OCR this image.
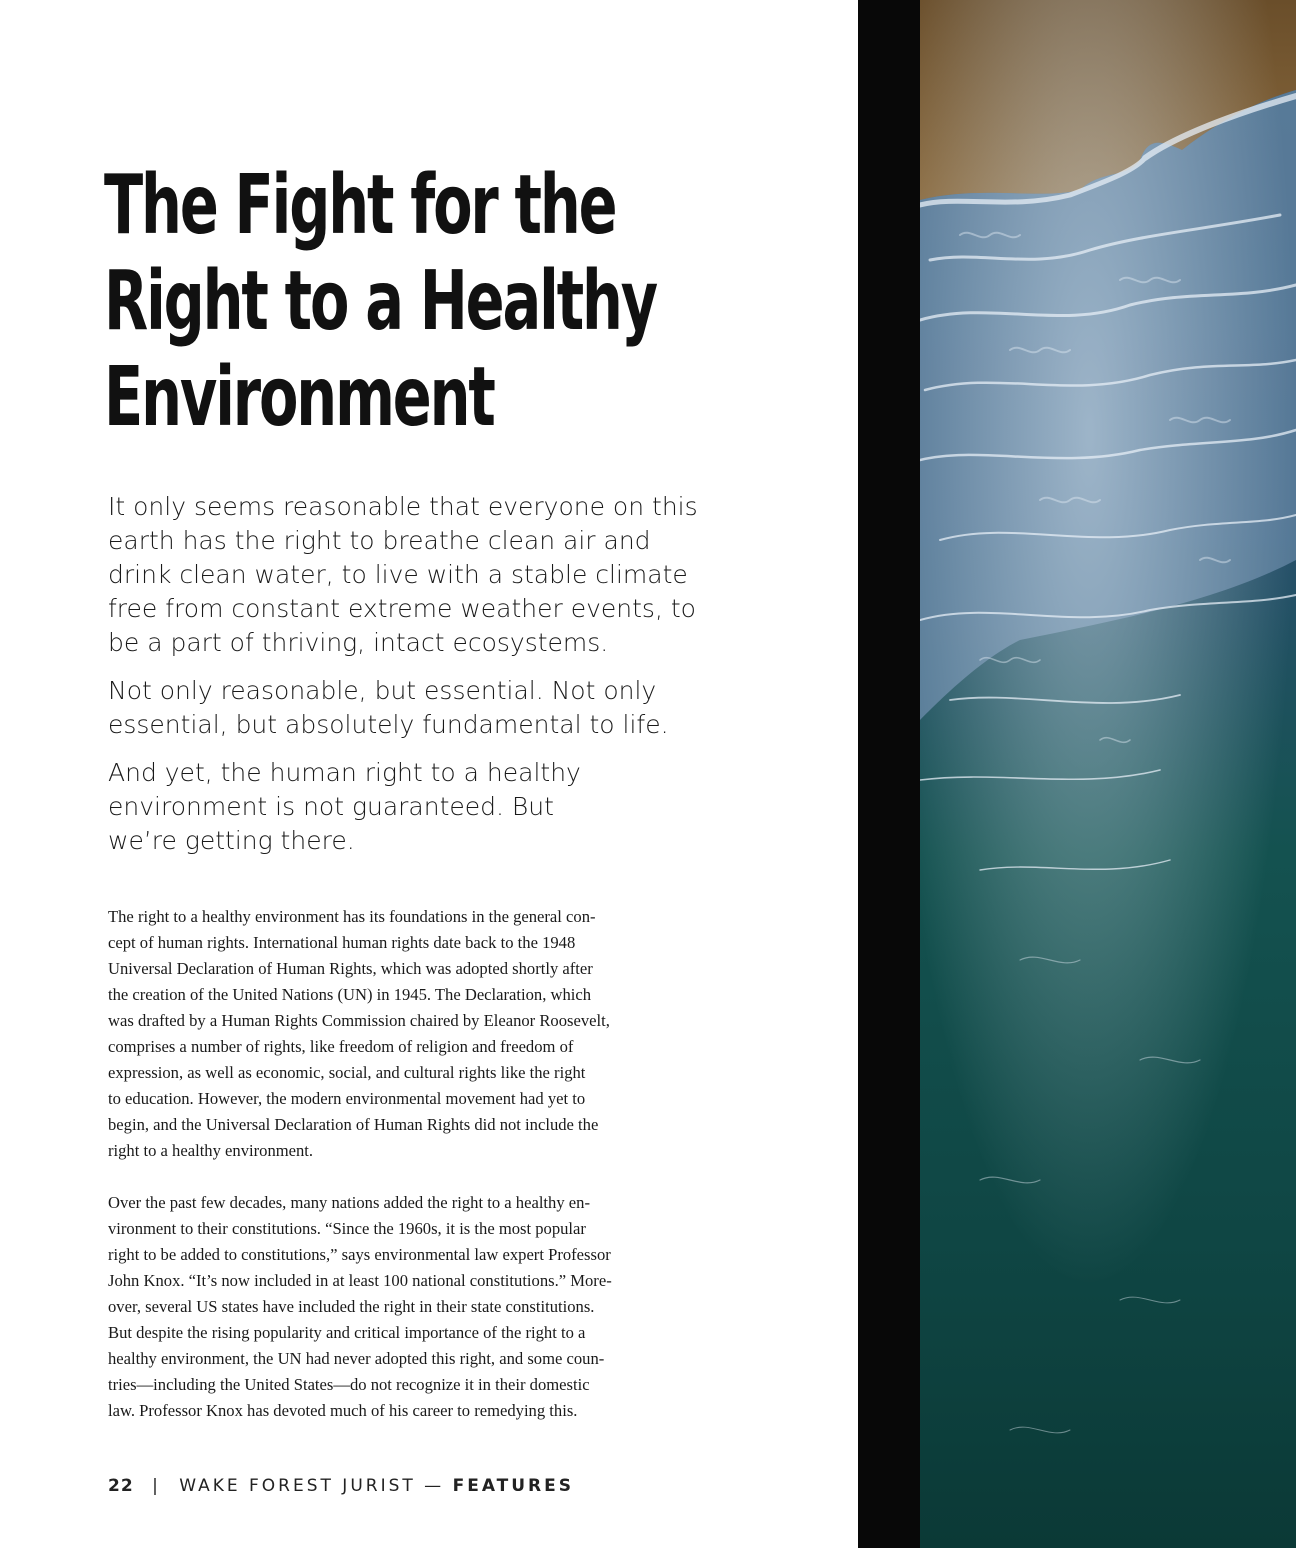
The Fight for the
Right to a Healthy
Environment

It only seems reasonable that everyone on this
earth has the right to breathe clean air and
drink clean water, to live with a stable climate
free from constant extreme weather events, to
be a part of thriving, intact ecosystems.

Not only reasonable, but essential. Not only
essential, but absolutely fundamental to life.

And yet, the human right to a healthy
environment is not guaranteed. But
we’re getting there.

The right to a healthy environment has its foundations in the general con-
cept of human rights. International human rights date back to the 1948
Universal Declaration of Human Rights, which was adopted shortly after
the creation of the United Nations (UN) in 1945. The Declaration, which
was drafted by a Human Rights Commission chaired by Eleanor Roosevelt,
comprises a number of rights, like freedom of religion and freedom of
expression, as well as economic, social, and cultural rights like the right
to education. However, the modern environmental movement had yet to
begin, and the Universal Declaration of Human Rights did not include the
right to a healthy environment.

Over the past few decades, many nations added the right to a healthy en-
vironment to their constitutions. “Since the 1960s, it is the most popular
right to be added to constitutions,” says environmental law expert Professor
John Knox. “It’s now included in at least 100 national constitutions.” More-
over, several US states have included the right in their state constitutions.
But despite the rising popularity and critical importance of the right to a
healthy environment, the UN had never adopted this right, and some coun-
tries—including the United States—do not recognize it in their domestic
law. Professor Knox has devoted much of his career to remedying this.

22 | WAKE FOREST JURIST — FEATURES
